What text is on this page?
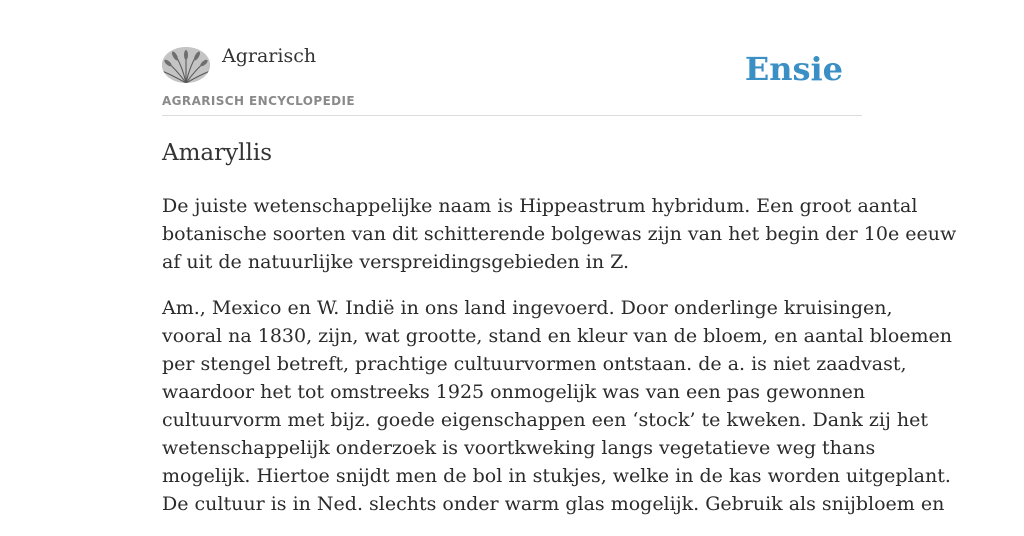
Agrarisch
AGRARISCH ENCYCLOPEDIE
Ensie
Amaryllis

De juiste wetenschappelijke naam is Hippeastrum hybridum. Een groot aantal
botanische soorten van dit schitterende bolgewas zijn van het begin der 10e eeuw
af uit de natuurlijke verspreidingsgebieden in Z.

Am., Mexico en W. Indië in ons land ingevoerd. Door onderlinge kruisingen,
vooral na 1830, zijn, wat grootte, stand en kleur van de bloem, en aantal bloemen
per stengel betreft, prachtige cultuurvormen ontstaan. de a. is niet zaadvast,
waardoor het tot omstreeks 1925 onmogelijk was van een pas gewonnen
cultuurvorm met bijz. goede eigenschappen een ‘stock’ te kweken. Dank zij het
wetenschappelijk onderzoek is voortkweking langs vegetatieve weg thans
mogelijk. Hiertoe snijdt men de bol in stukjes, welke in de kas worden uitgeplant.
De cultuur is in Ned. slechts onder warm glas mogelijk. Gebruik als snijbloem en
